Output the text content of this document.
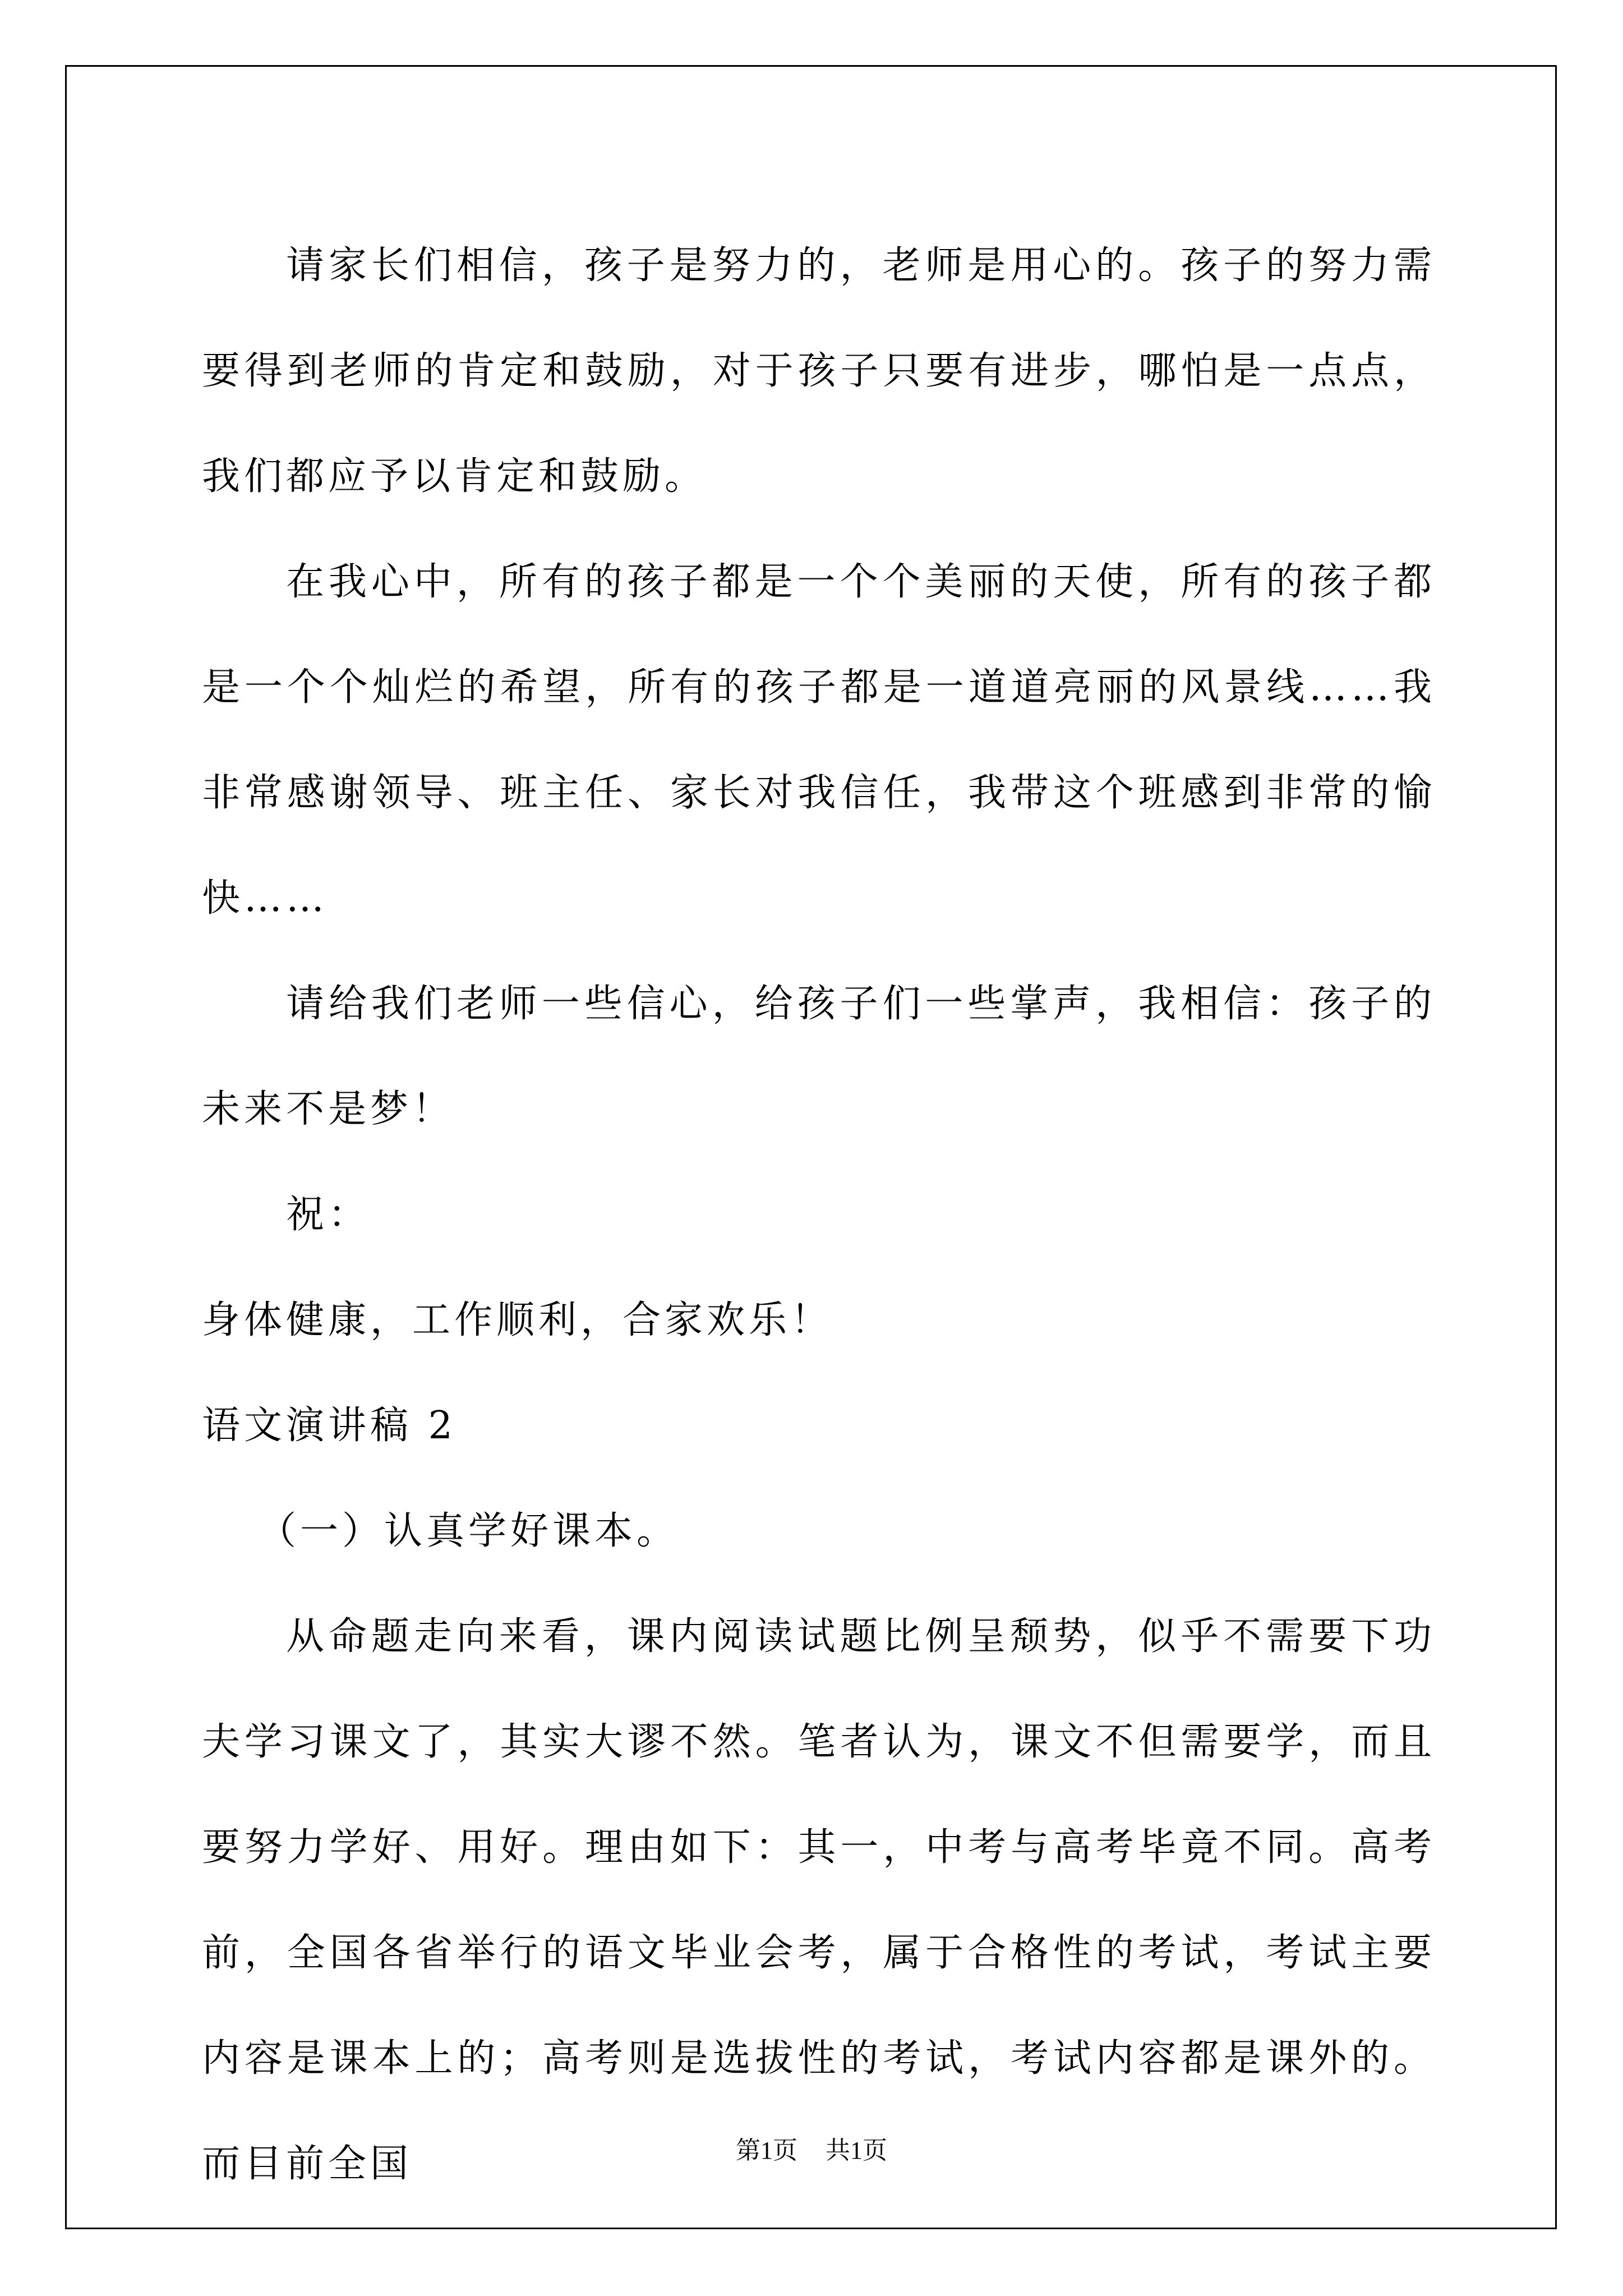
请家长们相信，孩子是努力的，老师是用心的。孩子的努力需要得到老师的肯定和鼓励，对于孩子只要有进步，哪怕是一点点，我们都应予以肯定和鼓励。

在我心中，所有的孩子都是一个个美丽的天使，所有的孩子都是一个个灿烂的希望，所有的孩子都是一道道亮丽的风景线……我非常感谢领导、班主任、家长对我信任，我带这个班感到非常的愉快……

请给我们老师一些信心，给孩子们一些掌声，我相信：孩子的未来不是梦！

祝：

身体健康，工作顺利，合家欢乐！

语文演讲稿 2

（一）认真学好课本。

从命题走向来看，课内阅读试题比例呈颓势，似乎不需要下功夫学习课文了，其实大谬不然。笔者认为，课文不但需要学，而且要努力学好、用好。理由如下：其一，中考与高考毕竟不同。高考前，全国各省举行的语文毕业会考，属于合格性的考试，考试主要内容是课本上的；高考则是选拔性的考试，考试内容都是课外的。而目前全国	第1页 共1页
